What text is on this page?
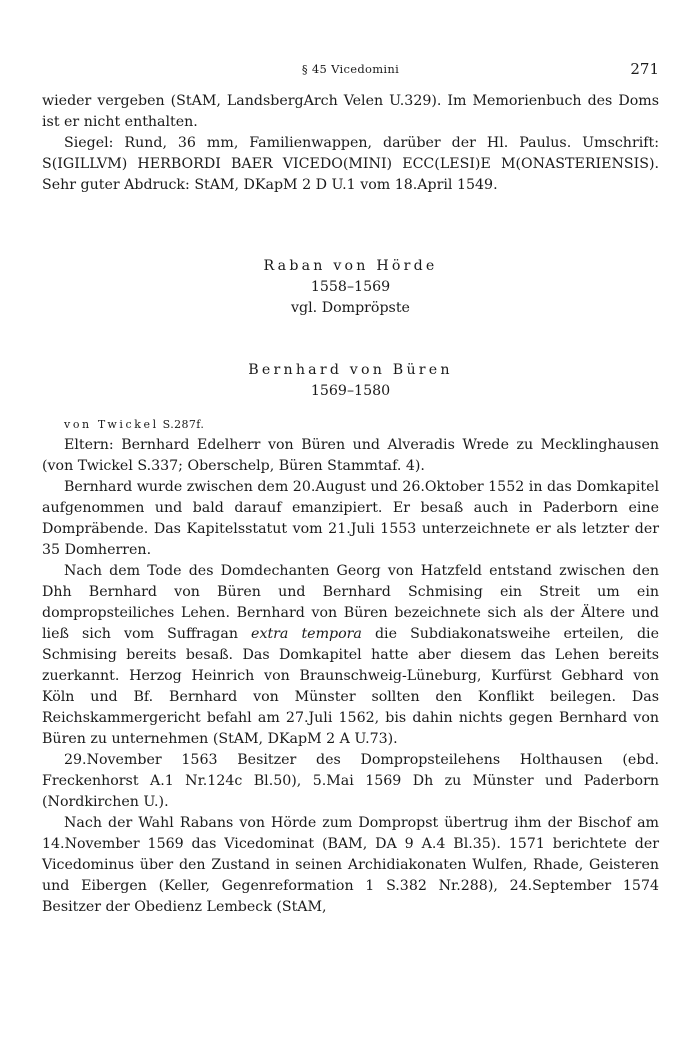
§ 45 Vicedomini	271

wieder vergeben (StAM, LandsbergArch Velen U.329). Im Memorienbuch des Doms ist er nicht enthalten.

Siegel: Rund, 36 mm, Familienwappen, darüber der Hl. Paulus. Umschrift: S(IGILLVM) HERBORDI BAER VICEDO(MINI) ECC(LESI)E M(ONASTERIENSIS). Sehr guter Abdruck: StAM, DKapM 2 D U.1 vom 18.April 1549.

Raban von Hörde
1558–1569
vgl. Dompröpste
Bernhard von Büren
1569–1580
von Twickel S.287f.

Eltern: Bernhard Edelherr von Büren und Alveradis Wrede zu Mecklinghausen (von Twickel S.337; Oberschelp, Büren Stammtaf. 4).

Bernhard wurde zwischen dem 20.August und 26.Oktober 1552 in das Domkapitel aufgenommen und bald darauf emanzipiert. Er besaß auch in Paderborn eine Domprӓbende. Das Kapitelsstatut vom 21.Juli 1553 unterzeichnete er als letzter der 35 Domherren.

Nach dem Tode des Domdechanten Georg von Hatzfeld entstand zwischen den Dhh Bernhard von Büren und Bernhard Schmising ein Streit um ein dompropsteiliches Lehen. Bernhard von Büren bezeichnete sich als der Ältere und ließ sich vom Suffragan extra tempora die Subdiakonatsweihe erteilen, die Schmising bereits besaß. Das Domkapitel hatte aber diesem das Lehen bereits zuerkannt. Herzog Heinrich von Braunschweig-Lüneburg, Kurfürst Gebhard von Köln und Bf. Bernhard von Münster sollten den Konflikt beilegen. Das Reichskammergericht befahl am 27.Juli 1562, bis dahin nichts gegen Bernhard von Büren zu unternehmen (StAM, DKapM 2 A U.73).

29.November 1563 Besitzer des Dompropsteilehens Holthausen (ebd. Freckenhorst A.1 Nr.124c Bl.50), 5.Mai 1569 Dh zu Münster und Paderborn (Nordkirchen U.).

Nach der Wahl Rabans von Hörde zum Dompropst übertrug ihm der Bischof am 14.November 1569 das Vicedominat (BAM, DA 9 A.4 Bl.35). 1571 berichtete der Vicedominus über den Zustand in seinen Archidiakonaten Wulfen, Rhade, Geisteren und Eibergen (Keller, Gegenreformation 1 S.382 Nr.288), 24.September 1574 Besitzer der Obedienz Lembeck (StAM,
